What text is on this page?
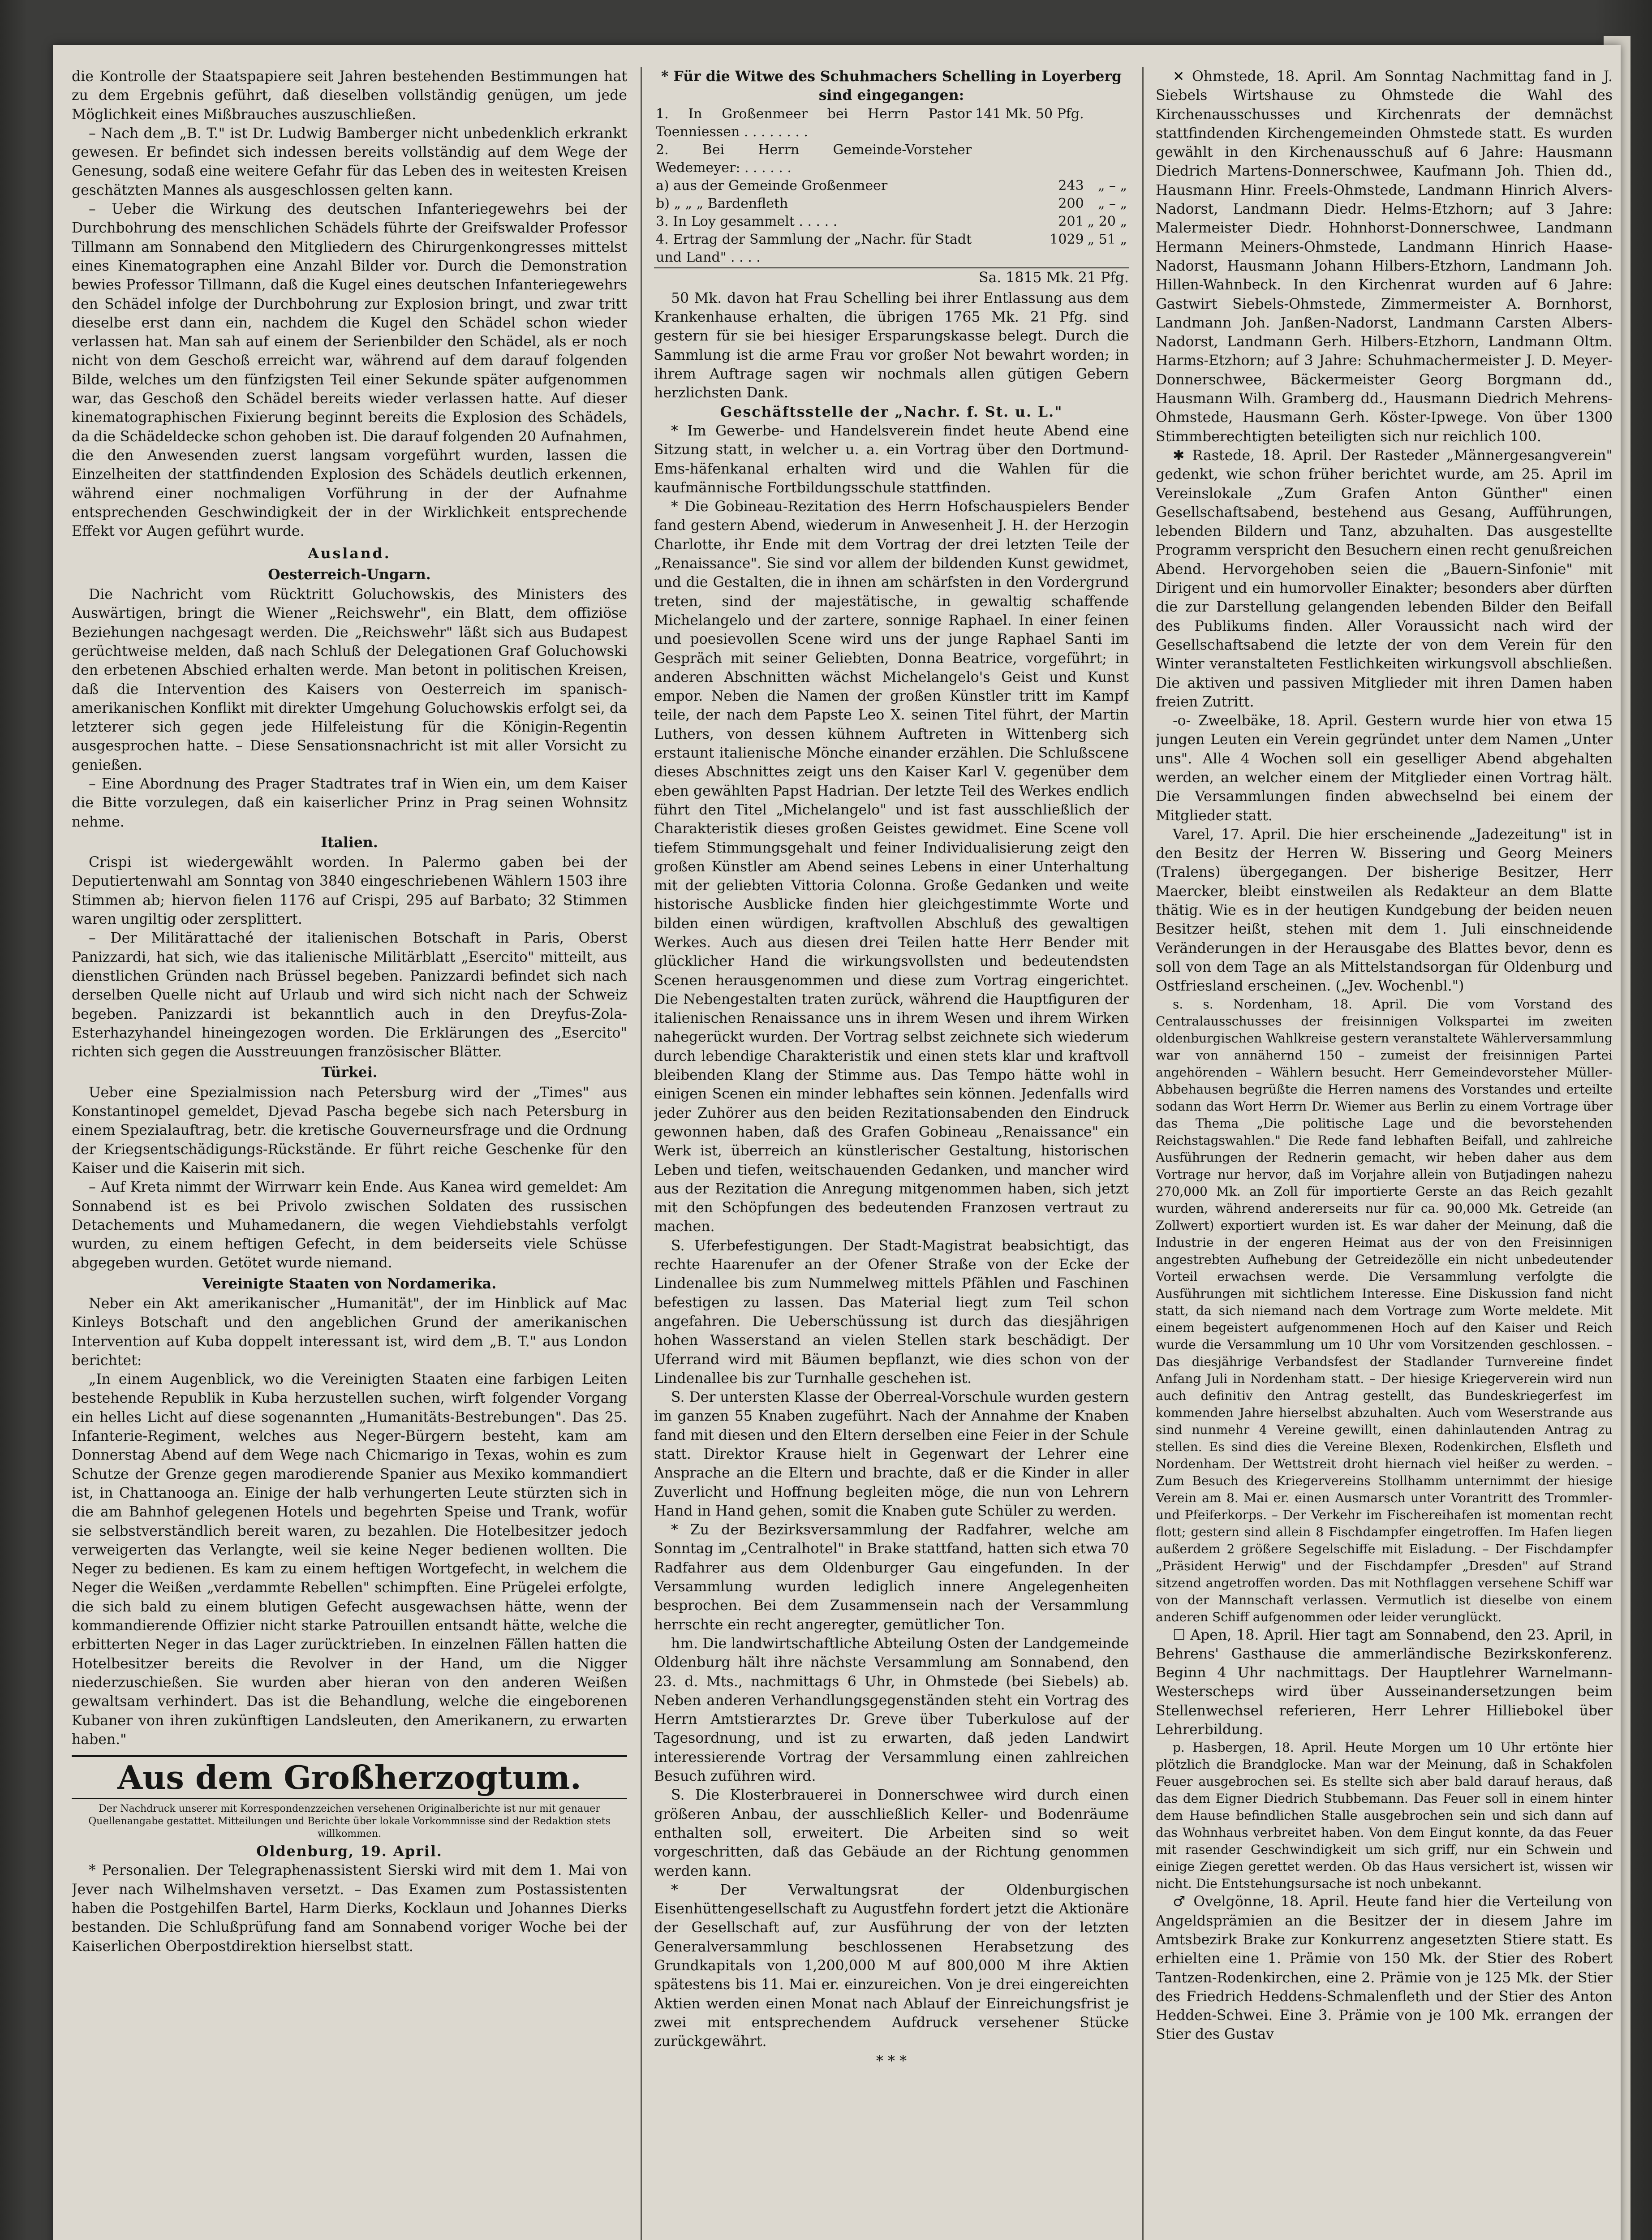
die Kontrolle der Staatspapiere seit Jahren bestehenden Bestimmungen hat zu dem Ergebnis geführt, daß dieselben vollständig genügen, um jede Möglichkeit eines Mißbrauches auszuschließen.

– Nach dem „B. T." ist Dr. Ludwig Bamberger nicht unbedenklich erkrankt gewesen. Er befindet sich indessen bereits vollständig auf dem Wege der Genesung, sodaß eine weitere Gefahr für das Leben des in weitesten Kreisen geschätzten Mannes als ausgeschlossen gelten kann.

– Ueber die Wirkung des deutschen Infanteriegewehrs bei der Durchbohrung des menschlichen Schädels führte der Greifswalder Professor Tillmann am Sonnabend den Mitgliedern des Chirurgenkongresses mittelst eines Kinematographen eine Anzahl Bilder vor. Durch die Demonstration bewies Professor Tillmann, daß die Kugel eines deutschen Infanteriegewehrs den Schädel infolge der Durchbohrung zur Explosion bringt, und zwar tritt dieselbe erst dann ein, nachdem die Kugel den Schädel schon wieder verlassen hat. Man sah auf einem der Serienbilder den Schädel, als er noch nicht von dem Geschoß erreicht war, während auf dem darauf folgenden Bilde, welches um den fünfzigsten Teil einer Sekunde später aufgenommen war, das Geschoß den Schädel bereits wieder verlassen hatte. Auf dieser kinematographischen Fixierung beginnt bereits die Explosion des Schädels, da die Schädeldecke schon gehoben ist. Die darauf folgenden 20 Aufnahmen, die den Anwesenden zuerst langsam vorgeführt wurden, lassen die Einzelheiten der stattfindenden Explosion des Schädels deutlich erkennen, während einer nochmaligen Vorführung in der der Aufnahme entsprechenden Geschwindigkeit der in der Wirklichkeit entsprechende Effekt vor Augen geführt wurde.

Ausland.
Oesterreich-Ungarn.

Die Nachricht vom Rücktritt Goluchowskis, des Ministers des Auswärtigen, bringt die Wiener „Reichswehr", ein Blatt, dem offiziöse Beziehungen nachgesagt werden. Die „Reichswehr" läßt sich aus Budapest gerüchtweise melden, daß nach Schluß der Delegationen Graf Goluchowski den erbetenen Abschied erhalten werde. Man betont in politischen Kreisen, daß die Intervention des Kaisers von Oesterreich im spanisch-amerikanischen Konflikt mit direkter Umgehung Goluchowskis erfolgt sei, da letzterer sich gegen jede Hilfeleistung für die Königin-Regentin ausgesprochen hatte. – Diese Sensationsnachricht ist mit aller Vorsicht zu genießen.

– Eine Abordnung des Prager Stadtrates traf in Wien ein, um dem Kaiser die Bitte vorzulegen, daß ein kaiserlicher Prinz in Prag seinen Wohnsitz nehme.

Italien.

Crispi ist wiedergewählt worden. In Palermo gaben bei der Deputiertenwahl am Sonntag von 3840 eingeschriebenen Wählern 1503 ihre Stimmen ab; hiervon fielen 1176 auf Crispi, 295 auf Barbato; 32 Stimmen waren ungiltig oder zersplittert.

– Der Militärattaché der italienischen Botschaft in Paris, Oberst Panizzardi, hat sich, wie das italienische Militärblatt „Esercito" mitteilt, aus dienstlichen Gründen nach Brüssel begeben. Panizzardi befindet sich nach derselben Quelle nicht auf Urlaub und wird sich nicht nach der Schweiz begeben. Panizzardi ist bekanntlich auch in den Dreyfus-Zola-Esterhazyhandel hineingezogen worden. Die Erklärungen des „Esercito" richten sich gegen die Ausstreuungen französischer Blätter.

Türkei.

Ueber eine Spezialmission nach Petersburg wird der „Times" aus Konstantinopel gemeldet, Djevad Pascha begebe sich nach Petersburg in einem Spezialauftrag, betr. die kretische Gouverneursfrage und die Ordnung der Kriegsentschädigungs-Rückstände. Er führt reiche Geschenke für den Kaiser und die Kaiserin mit sich.

– Auf Kreta nimmt der Wirrwarr kein Ende. Aus Kanea wird gemeldet: Am Sonnabend ist es bei Privolo zwischen Soldaten des russischen Detachements und Muhamedanern, die wegen Viehdiebstahls verfolgt wurden, zu einem heftigen Gefecht, in dem beiderseits viele Schüsse abgegeben wurden. Getötet wurde niemand.

Vereinigte Staaten von Nordamerika.

Neber ein Akt amerikanischer „Humanität", der im Hinblick auf Mac Kinleys Botschaft und den angeblichen Grund der amerikanischen Intervention auf Kuba doppelt interessant ist, wird dem „B. T." aus London berichtet:

„In einem Augenblick, wo die Vereinigten Staaten eine farbigen Leiten bestehende Republik in Kuba herzustellen suchen, wirft folgender Vorgang ein helles Licht auf diese sogenannten „Humanitäts-Bestrebungen". Das 25. Infanterie-Regiment, welches aus Neger-Bürgern besteht, kam am Donnerstag Abend auf dem Wege nach Chicmarigo in Texas, wohin es zum Schutze der Grenze gegen marodierende Spanier aus Mexiko kommandiert ist, in Chattanooga an. Einige der halb verhungerten Leute stürzten sich in die am Bahnhof gelegenen Hotels und begehrten Speise und Trank, wofür sie selbstverständlich bereit waren, zu bezahlen. Die Hotelbesitzer jedoch verweigerten das Verlangte, weil sie keine Neger bedienen wollten. Die Neger zu bedienen. Es kam zu einem heftigen Wortgefecht, in welchem die Neger die Weißen „verdammte Rebellen" schimpften. Eine Prügelei erfolgte, die sich bald zu einem blutigen Gefecht ausgewachsen hätte, wenn der kommandierende Offizier nicht starke Patrouillen entsandt hätte, welche die erbitterten Neger in das Lager zurücktrieben. In einzelnen Fällen hatten die Hotelbesitzer bereits die Revolver in der Hand, um die Nigger niederzuschießen. Sie wurden aber hieran von den anderen Weißen gewaltsam verhindert. Das ist die Behandlung, welche die eingeborenen Kubaner von ihren zukünftigen Landsleuten, den Amerikanern, zu erwarten haben."

Aus dem Großherzogtum.
Der Nachdruck unserer mit Korrespondenzzeichen versehenen Originalberichte ist nur mit genauer Quellenangabe gestattet. Mitteilungen und Berichte über lokale Vorkommnisse sind der Redaktion stets willkommen.
Oldenburg, 19. April.

* Personalien. Der Telegraphenassistent Sierski wird mit dem 1. Mai von Jever nach Wilhelmshaven versetzt. – Das Examen zum Postassistenten haben die Postgehilfen Bartel, Harm Dierks, Kocklaun und Johannes Dierks bestanden. Die Schlußprüfung fand am Sonnabend voriger Woche bei der Kaiserlichen Oberpostdirektion hierselbst statt.

* Für die Witwe des Schuhmachers Schelling in Loyerberg sind eingegangen:

1. In Großenmeer bei Herrn Pastor Toenniessen . . . . . . . .	141 Mk. 50 Pfg.	
2. Bei Herrn Gemeinde-Vorsteher Wedemeyer: . . . . . .		
a) aus der Gemeinde Großenmeer	243	„ – „
b) „ „ „ Bardenfleth	200	„ – „
3. In Loy gesammelt . . . . .	201	„ 20 „
4. Ertrag der Sammlung der „Nachr. für Stadt und Land" . . . .	1029	„ 51 „
Sa. 1815 Mk. 21 Pfg.

50 Mk. davon hat Frau Schelling bei ihrer Entlassung aus dem Krankenhause erhalten, die übrigen 1765 Mk. 21 Pfg. sind gestern für sie bei hiesiger Ersparungskasse belegt. Durch die Sammlung ist die arme Frau vor großer Not bewahrt worden; in ihrem Auftrage sagen wir nochmals allen gütigen Gebern herzlichsten Dank.

Geschäftsstelle der „Nachr. f. St. u. L."

* Im Gewerbe- und Handelsverein findet heute Abend eine Sitzung statt, in welcher u. a. ein Vortrag über den Dortmund-Ems-häfenkanal erhalten wird und die Wahlen für die kaufmännische Fortbildungsschule stattfinden.

* Die Gobineau-Rezitation des Herrn Hofschauspielers Bender fand gestern Abend, wiederum in Anwesenheit J. H. der Herzogin Charlotte, ihr Ende mit dem Vortrag der drei letzten Teile der „Renaissance". Sie sind vor allem der bildenden Kunst gewidmet, und die Gestalten, die in ihnen am schärfsten in den Vordergrund treten, sind der majestätische, in gewaltig schaffende Michelangelo und der zartere, sonnige Raphael. In einer feinen und poesievollen Scene wird uns der junge Raphael Santi im Gespräch mit seiner Geliebten, Donna Beatrice, vorgeführt; in anderen Abschnitten wächst Michelangelo's Geist und Kunst empor. Neben die Namen der großen Künstler tritt im Kampf teile, der nach dem Papste Leo X. seinen Titel führt, der Martin Luthers, von dessen kühnem Auftreten in Wittenberg sich erstaunt italienische Mönche einander erzählen. Die Schlußscene dieses Abschnittes zeigt uns den Kaiser Karl V. gegenüber dem eben gewählten Papst Hadrian. Der letzte Teil des Werkes endlich führt den Titel „Michelangelo" und ist fast ausschließlich der Charakteristik dieses großen Geistes gewidmet. Eine Scene voll tiefem Stimmungsgehalt und feiner Individualisierung zeigt den großen Künstler am Abend seines Lebens in einer Unterhaltung mit der geliebten Vittoria Colonna. Große Gedanken und weite historische Ausblicke finden hier gleichgestimmte Worte und bilden einen würdigen, kraftvollen Abschluß des gewaltigen Werkes. Auch aus diesen drei Teilen hatte Herr Bender mit glücklicher Hand die wirkungsvollsten und bedeutendsten Scenen herausgenommen und diese zum Vortrag eingerichtet. Die Nebengestalten traten zurück, während die Hauptfiguren der italienischen Renaissance uns in ihrem Wesen und ihrem Wirken nahegerückt wurden. Der Vortrag selbst zeichnete sich wiederum durch lebendige Charakteristik und einen stets klar und kraftvoll bleibenden Klang der Stimme aus. Das Tempo hätte wohl in einigen Scenen ein minder lebhaftes sein können. Jedenfalls wird jeder Zuhörer aus den beiden Rezitationsabenden den Eindruck gewonnen haben, daß des Grafen Gobineau „Renaissance" ein Werk ist, überreich an künstlerischer Gestaltung, historischen Leben und tiefen, weitschauenden Gedanken, und mancher wird aus der Rezitation die Anregung mitgenommen haben, sich jetzt mit den Schöpfungen des bedeutenden Franzosen vertraut zu machen.

S. Uferbefestigungen. Der Stadt-Magistrat beabsichtigt, das rechte Haarenufer an der Ofener Straße von der Ecke der Lindenallee bis zum Nummelweg mittels Pfählen und Faschinen befestigen zu lassen. Das Material liegt zum Teil schon angefahren. Die Ueberschüssung ist durch das diesjährigen hohen Wasserstand an vielen Stellen stark beschädigt. Der Uferrand wird mit Bäumen bepflanzt, wie dies schon von der Lindenallee bis zur Turnhalle geschehen ist.

S. Der untersten Klasse der Oberreal-Vorschule wurden gestern im ganzen 55 Knaben zugeführt. Nach der Annahme der Knaben fand mit diesen und den Eltern derselben eine Feier in der Schule statt. Direktor Krause hielt in Gegenwart der Lehrer eine Ansprache an die Eltern und brachte, daß er die Kinder in aller Zuverlicht und Hoffnung begleiten möge, die nun von Lehrern Hand in Hand gehen, somit die Knaben gute Schüler zu werden.

* Zu der Bezirksversammlung der Radfahrer, welche am Sonntag im „Centralhotel" in Brake stattfand, hatten sich etwa 70 Radfahrer aus dem Oldenburger Gau eingefunden. In der Versammlung wurden lediglich innere Angelegenheiten besprochen. Bei dem Zusammensein nach der Versammlung herrschte ein recht angeregter, gemütlicher Ton.

hm. Die landwirtschaftliche Abteilung Osten der Landgemeinde Oldenburg hält ihre nächste Versammlung am Sonnabend, den 23. d. Mts., nachmittags 6 Uhr, in Ohmstede (bei Siebels) ab. Neben anderen Verhandlungsgegenständen steht ein Vortrag des Herrn Amtstierarztes Dr. Greve über Tuberkulose auf der Tagesordnung, und ist zu erwarten, daß jeden Landwirt interessierende Vortrag der Versammlung einen zahlreichen Besuch zuführen wird.

S. Die Klosterbrauerei in Donnerschwee wird durch einen größeren Anbau, der ausschließlich Keller- und Bodenräume enthalten soll, erweitert. Die Arbeiten sind so weit vorgeschritten, daß das Gebäude an der Richtung genommen werden kann.

* Der Verwaltungsrat der Oldenburgischen Eisenhüttengesellschaft zu Augustfehn fordert jetzt die Aktionäre der Gesellschaft auf, zur Ausführung der von der letzten Generalversammlung beschlossenen Herabsetzung des Grundkapitals von 1,200,000 M auf 800,000 M ihre Aktien spätestens bis 11. Mai er. einzureichen. Von je drei eingereichten Aktien werden einen Monat nach Ablauf der Einreichungsfrist je zwei mit entsprechendem Aufdruck versehener Stücke zurückgewährt.

* * *

✕ Ohmstede, 18. April. Am Sonntag Nachmittag fand in J. Siebels Wirtshause zu Ohmstede die Wahl des Kirchenausschusses und Kirchenrats der demnächst stattfindenden Kirchengemeinden Ohmstede statt. Es wurden gewählt in den Kirchenausschuß auf 6 Jahre: Hausmann Diedrich Martens-Donnerschwee, Kaufmann Joh. Thien dd., Hausmann Hinr. Freels-Ohmstede, Landmann Hinrich Alvers-Nadorst, Landmann Diedr. Helms-Etzhorn; auf 3 Jahre: Malermeister Diedr. Hohnhorst-Donnerschwee, Landmann Hermann Meiners-Ohmstede, Landmann Hinrich Haase-Nadorst, Hausmann Johann Hilbers-Etzhorn, Landmann Joh. Hillen-Wahnbeck. In den Kirchenrat wurden auf 6 Jahre: Gastwirt Siebels-Ohmstede, Zimmermeister A. Bornhorst, Landmann Joh. Janßen-Nadorst, Landmann Carsten Albers-Nadorst, Landmann Gerh. Hilbers-Etzhorn, Landmann Oltm. Harms-Etzhorn; auf 3 Jahre: Schuhmachermeister J. D. Meyer-Donnerschwee, Bäckermeister Georg Borgmann dd., Hausmann Wilh. Gramberg dd., Hausmann Diedrich Mehrens-Ohmstede, Hausmann Gerh. Köster-Ipwege. Von über 1300 Stimmberechtigten beteiligten sich nur reichlich 100.

✱ Rastede, 18. April. Der Rasteder „Männergesangverein" gedenkt, wie schon früher berichtet wurde, am 25. April im Vereinslokale „Zum Grafen Anton Günther" einen Gesellschaftsabend, bestehend aus Gesang, Aufführungen, lebenden Bildern und Tanz, abzuhalten. Das ausgestellte Programm verspricht den Besuchern einen recht genußreichen Abend. Hervorgehoben seien die „Bauern-Sinfonie" mit Dirigent und ein humorvoller Einakter; besonders aber dürften die zur Darstellung gelangenden lebenden Bilder den Beifall des Publikums finden. Aller Voraussicht nach wird der Gesellschaftsabend die letzte der von dem Verein für den Winter veranstalteten Festlichkeiten wirkungsvoll abschließen. Die aktiven und passiven Mitglieder mit ihren Damen haben freien Zutritt.

-o- Zweelbäke, 18. April. Gestern wurde hier von etwa 15 jungen Leuten ein Verein gegründet unter dem Namen „Unter uns". Alle 4 Wochen soll ein geselliger Abend abgehalten werden, an welcher einem der Mitglieder einen Vortrag hält. Die Versammlungen finden abwechselnd bei einem der Mitglieder statt.

Varel, 17. April. Die hier erscheinende „Jadezeitung" ist in den Besitz der Herren W. Bissering und Georg Meiners (Tralens) übergegangen. Der bisherige Besitzer, Herr Maercker, bleibt einstweilen als Redakteur an dem Blatte thätig. Wie es in der heutigen Kundgebung der beiden neuen Besitzer heißt, stehen mit dem 1. Juli einschneidende Veränderungen in der Herausgabe des Blattes bevor, denn es soll von dem Tage an als Mittelstandsorgan für Oldenburg und Ostfriesland erscheinen. („Jev. Wochenbl.")

s. s. Nordenham, 18. April. Die vom Vorstand des Centralausschusses der freisinnigen Volkspartei im zweiten oldenburgischen Wahlkreise gestern veranstaltete Wählerversammlung war von annähernd 150 – zumeist der freisinnigen Partei angehörenden – Wählern besucht. Herr Gemeindevorsteher Müller-Abbehausen begrüßte die Herren namens des Vorstandes und erteilte sodann das Wort Herrn Dr. Wiemer aus Berlin zu einem Vortrage über das Thema „Die politische Lage und die bevorstehenden Reichstagswahlen." Die Rede fand lebhaften Beifall, und zahlreiche Ausführungen der Rednerin gemacht, wir heben daher aus dem Vortrage nur hervor, daß im Vorjahre allein von Butjadingen nahezu 270,000 Mk. an Zoll für importierte Gerste an das Reich gezahlt wurden, während andererseits nur für ca. 90,000 Mk. Getreide (an Zollwert) exportiert wurden ist. Es war daher der Meinung, daß die Industrie in der engeren Heimat aus der von den Freisinnigen angestrebten Aufhebung der Getreidezölle ein nicht unbedeutender Vorteil erwachsen werde. Die Versammlung verfolgte die Ausführungen mit sichtlichem Interesse. Eine Diskussion fand nicht statt, da sich niemand nach dem Vortrage zum Worte meldete. Mit einem begeistert aufgenommenen Hoch auf den Kaiser und Reich wurde die Versammlung um 10 Uhr vom Vorsitzenden geschlossen. – Das diesjährige Verbandsfest der Stadlander Turnvereine findet Anfang Juli in Nordenham statt. – Der hiesige Kriegerverein wird nun auch definitiv den Antrag gestellt, das Bundeskriegerfest im kommenden Jahre hierselbst abzuhalten. Auch vom Weserstrande aus sind nunmehr 4 Vereine gewillt, einen dahinlautenden Antrag zu stellen. Es sind dies die Vereine Blexen, Rodenkirchen, Elsfleth und Nordenham. Der Wettstreit droht hiernach viel heißer zu werden. – Zum Besuch des Kriegervereins Stollhamm unternimmt der hiesige Verein am 8. Mai er. einen Ausmarsch unter Vorantritt des Trommler- und Pfeiferkorps. – Der Verkehr im Fischereihafen ist momentan recht flott; gestern sind allein 8 Fischdampfer eingetroffen. Im Hafen liegen außerdem 2 größere Segelschiffe mit Eisladung. – Der Fischdampfer „Präsident Herwig" und der Fischdampfer „Dresden" auf Strand sitzend angetroffen worden. Das mit Nothflaggen versehene Schiff war von der Mannschaft verlassen. Vermutlich ist dieselbe von einem anderen Schiff aufgenommen oder leider verunglückt.

☐ Apen, 18. April. Hier tagt am Sonnabend, den 23. April, in Behrens' Gasthause die ammerländische Bezirkskonferenz. Beginn 4 Uhr nachmittags. Der Hauptlehrer Warnelmann-Westerscheps wird über Ausseinandersetzungen beim Stellenwechsel referieren, Herr Lehrer Hilliebokel über Lehrerbildung.

p. Hasbergen, 18. April. Heute Morgen um 10 Uhr ertönte hier plötzlich die Brandglocke. Man war der Meinung, daß in Schakfolen Feuer ausgebrochen sei. Es stellte sich aber bald darauf heraus, daß das dem Eigner Diedrich Stubbemann. Das Feuer soll in einem hinter dem Hause befindlichen Stalle ausgebrochen sein und sich dann auf das Wohnhaus verbreitet haben. Von dem Eingut konnte, da das Feuer mit rasender Geschwindigkeit um sich griff, nur ein Schwein und einige Ziegen gerettet werden. Ob das Haus versichert ist, wissen wir nicht. Die Entstehungsursache ist noch unbekannt.

♂ Ovelgönne, 18. April. Heute fand hier die Verteilung von Angeldsprämien an die Besitzer der in diesem Jahre im Amtsbezirk Brake zur Konkurrenz angesetzten Stiere statt. Es erhielten eine 1. Prämie von 150 Mk. der Stier des Robert Tantzen-Rodenkirchen, eine 2. Prämie von je 125 Mk. der Stier des Friedrich Heddens-Schmalenfleth und der Stier des Anton Hedden-Schwei. Eine 3. Prämie von je 100 Mk. errangen der Stier des Gustav
